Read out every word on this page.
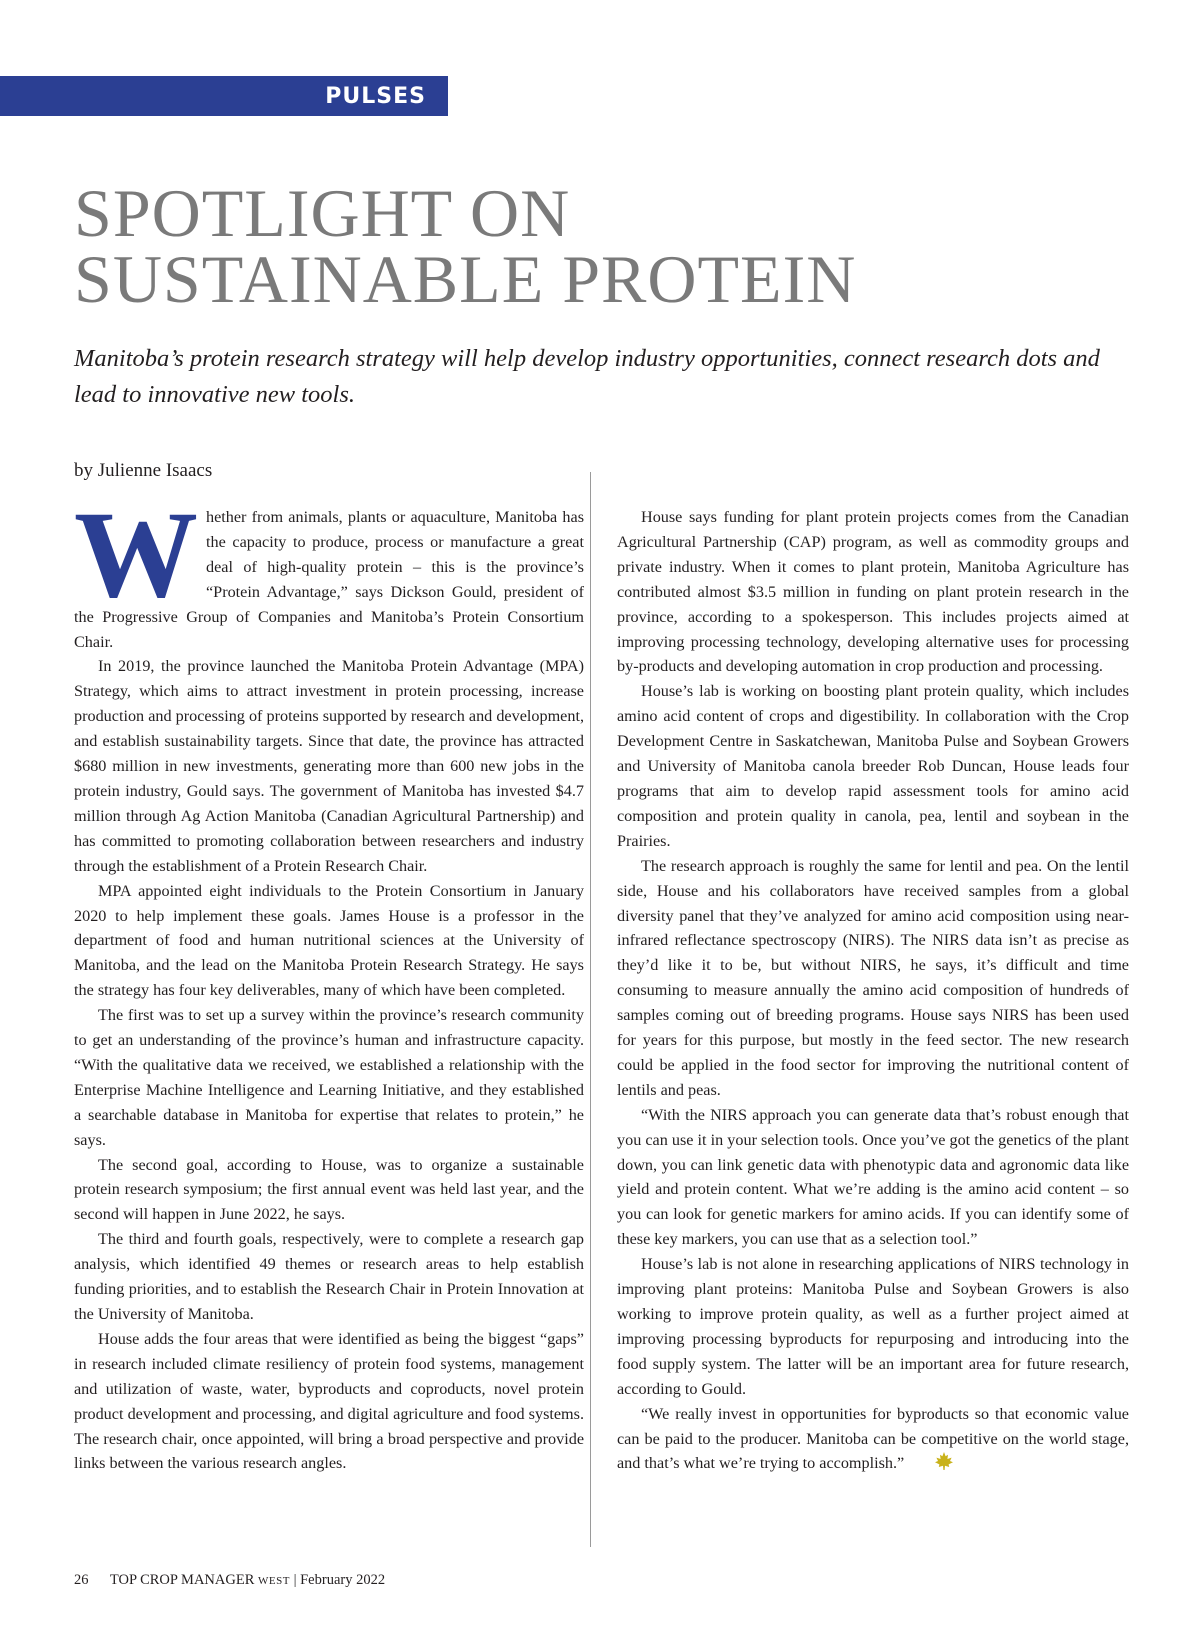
PULSES
SPOTLIGHT ON
SUSTAINABLE PROTEIN

Manitoba’s protein research strategy will help develop industry opportunities, connect research dots and lead to innovative new tools.

by Julienne Isaacs

Whether from animals, plants or aquaculture, Manitoba has the capacity to produce, process or manufacture a great deal of high-quality protein – this is the province’s “Protein Advantage,” says Dickson Gould, president of the Progressive Group of Companies and Manitoba’s Protein Consortium Chair.

In 2019, the province launched the Manitoba Protein Advantage (MPA) Strategy, which aims to attract investment in protein processing, increase production and processing of proteins supported by research and development, and establish sustainability targets. Since that date, the province has attracted $680 million in new investments, generating more than 600 new jobs in the protein industry, Gould says. The government of Manitoba has invested $4.7 million through Ag Action Manitoba (Canadian Agricultural Partnership) and has committed to promoting collaboration between researchers and industry through the establishment of a Protein Research Chair.

MPA appointed eight individuals to the Protein Consortium in January 2020 to help implement these goals. James House is a professor in the department of food and human nutritional sciences at the University of Manitoba, and the lead on the Manitoba Protein Research Strategy. He says the strategy has four key deliverables, many of which have been completed.

The first was to set up a survey within the province’s research community to get an understanding of the province’s human and infrastructure capacity. “With the qualitative data we received, we established a relationship with the Enterprise Machine Intelligence and Learning Initiative, and they established a searchable database in Manitoba for expertise that relates to protein,” he says.

The second goal, according to House, was to organize a sustainable protein research symposium; the first annual event was held last year, and the second will happen in June 2022, he says.

The third and fourth goals, respectively, were to complete a research gap analysis, which identified 49 themes or research areas to help establish funding priorities, and to establish the Research Chair in Protein Innovation at the University of Manitoba.

House adds the four areas that were identified as being the biggest “gaps” in research included climate resiliency of protein food systems, management and utilization of waste, water, byproducts and coproducts, novel protein product development and processing, and digital agriculture and food systems. The research chair, once appointed, will bring a broad perspective and provide links between the various research angles.

House says funding for plant protein projects comes from the Canadian Agricultural Partnership (CAP) program, as well as commodity groups and private industry. When it comes to plant protein, Manitoba Agriculture has contributed almost $3.5 million in funding on plant protein research in the province, according to a spokesperson. This includes projects aimed at improving processing technology, developing alternative uses for processing by-products and developing automation in crop production and processing.

House’s lab is working on boosting plant protein quality, which includes amino acid content of crops and digestibility. In collaboration with the Crop Development Centre in Saskatchewan, Manitoba Pulse and Soybean Growers and University of Manitoba canola breeder Rob Duncan, House leads four programs that aim to develop rapid assessment tools for amino acid composition and protein quality in canola, pea, lentil and soybean in the Prairies.

The research approach is roughly the same for lentil and pea. On the lentil side, House and his collaborators have received samples from a global diversity panel that they’ve analyzed for amino acid composition using near-infrared reflectance spectroscopy (NIRS). The NIRS data isn’t as precise as they’d like it to be, but without NIRS, he says, it’s difficult and time consuming to measure annually the amino acid composition of hundreds of samples coming out of breeding programs. House says NIRS has been used for years for this purpose, but mostly in the feed sector. The new research could be applied in the food sector for improving the nutritional content of lentils and peas.

“With the NIRS approach you can generate data that’s robust enough that you can use it in your selection tools. Once you’ve got the genetics of the plant down, you can link genetic data with phenotypic data and agronomic data like yield and protein content. What we’re adding is the amino acid content – so you can look for genetic markers for amino acids. If you can identify some of these key markers, you can use that as a selection tool.”

House’s lab is not alone in researching applications of NIRS technology in improving plant proteins: Manitoba Pulse and Soybean Growers is also working to improve protein quality, as well as a further project aimed at improving processing byproducts for repurposing and introducing into the food supply system. The latter will be an important area for future research, according to Gould.

“We really invest in opportunities for byproducts so that economic value can be paid to the producer. Manitoba can be competitive on the world stage, and that’s what we’re trying to accomplish.”

26 TOP CROP MANAGER WEST | February 2022
